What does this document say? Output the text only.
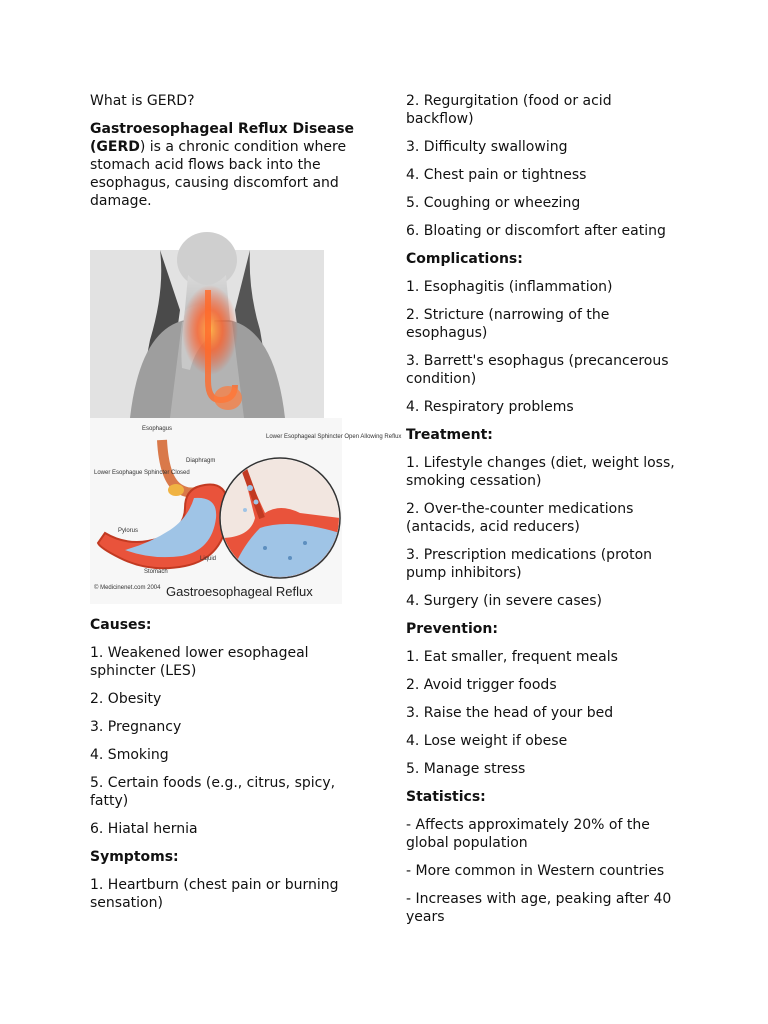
What is GERD?

Gastroesophageal Reflux Disease (GERD) is a chronic condition where stomach acid flows back into the esophagus, causing discomfort and damage.

Esophagus
Diaphragm
Lower Esophague Sphincter Closed
Lower Esophageal Sphincter Open Allowing Reflux
Pylorus
Liquid
Stomach
© Medicinenet.com 2004 Gastroesophageal Reflux

Causes:

1. Weakened lower esophageal sphincter (LES)

2. Obesity

3. Pregnancy

4. Smoking

5. Certain foods (e.g., citrus, spicy, fatty)

6. Hiatal hernia

Symptoms:

1. Heartburn (chest pain or burning sensation)

2. Regurgitation (food or acid backflow)

3. Difficulty swallowing

4. Chest pain or tightness

5. Coughing or wheezing

6. Bloating or discomfort after eating

Complications:

1. Esophagitis (inflammation)

2. Stricture (narrowing of the esophagus)

3. Barrett's esophagus (precancerous condition)

4. Respiratory problems

Treatment:

1. Lifestyle changes (diet, weight loss, smoking cessation)

2. Over-the-counter medications (antacids, acid reducers)

3. Prescription medications (proton pump inhibitors)

4. Surgery (in severe cases)

Prevention:

1. Eat smaller, frequent meals

2. Avoid trigger foods

3. Raise the head of your bed

4. Lose weight if obese

5. Manage stress

Statistics:

- Affects approximately 20% of the global population

- More common in Western countries

- Increases with age, peaking after 40 years
